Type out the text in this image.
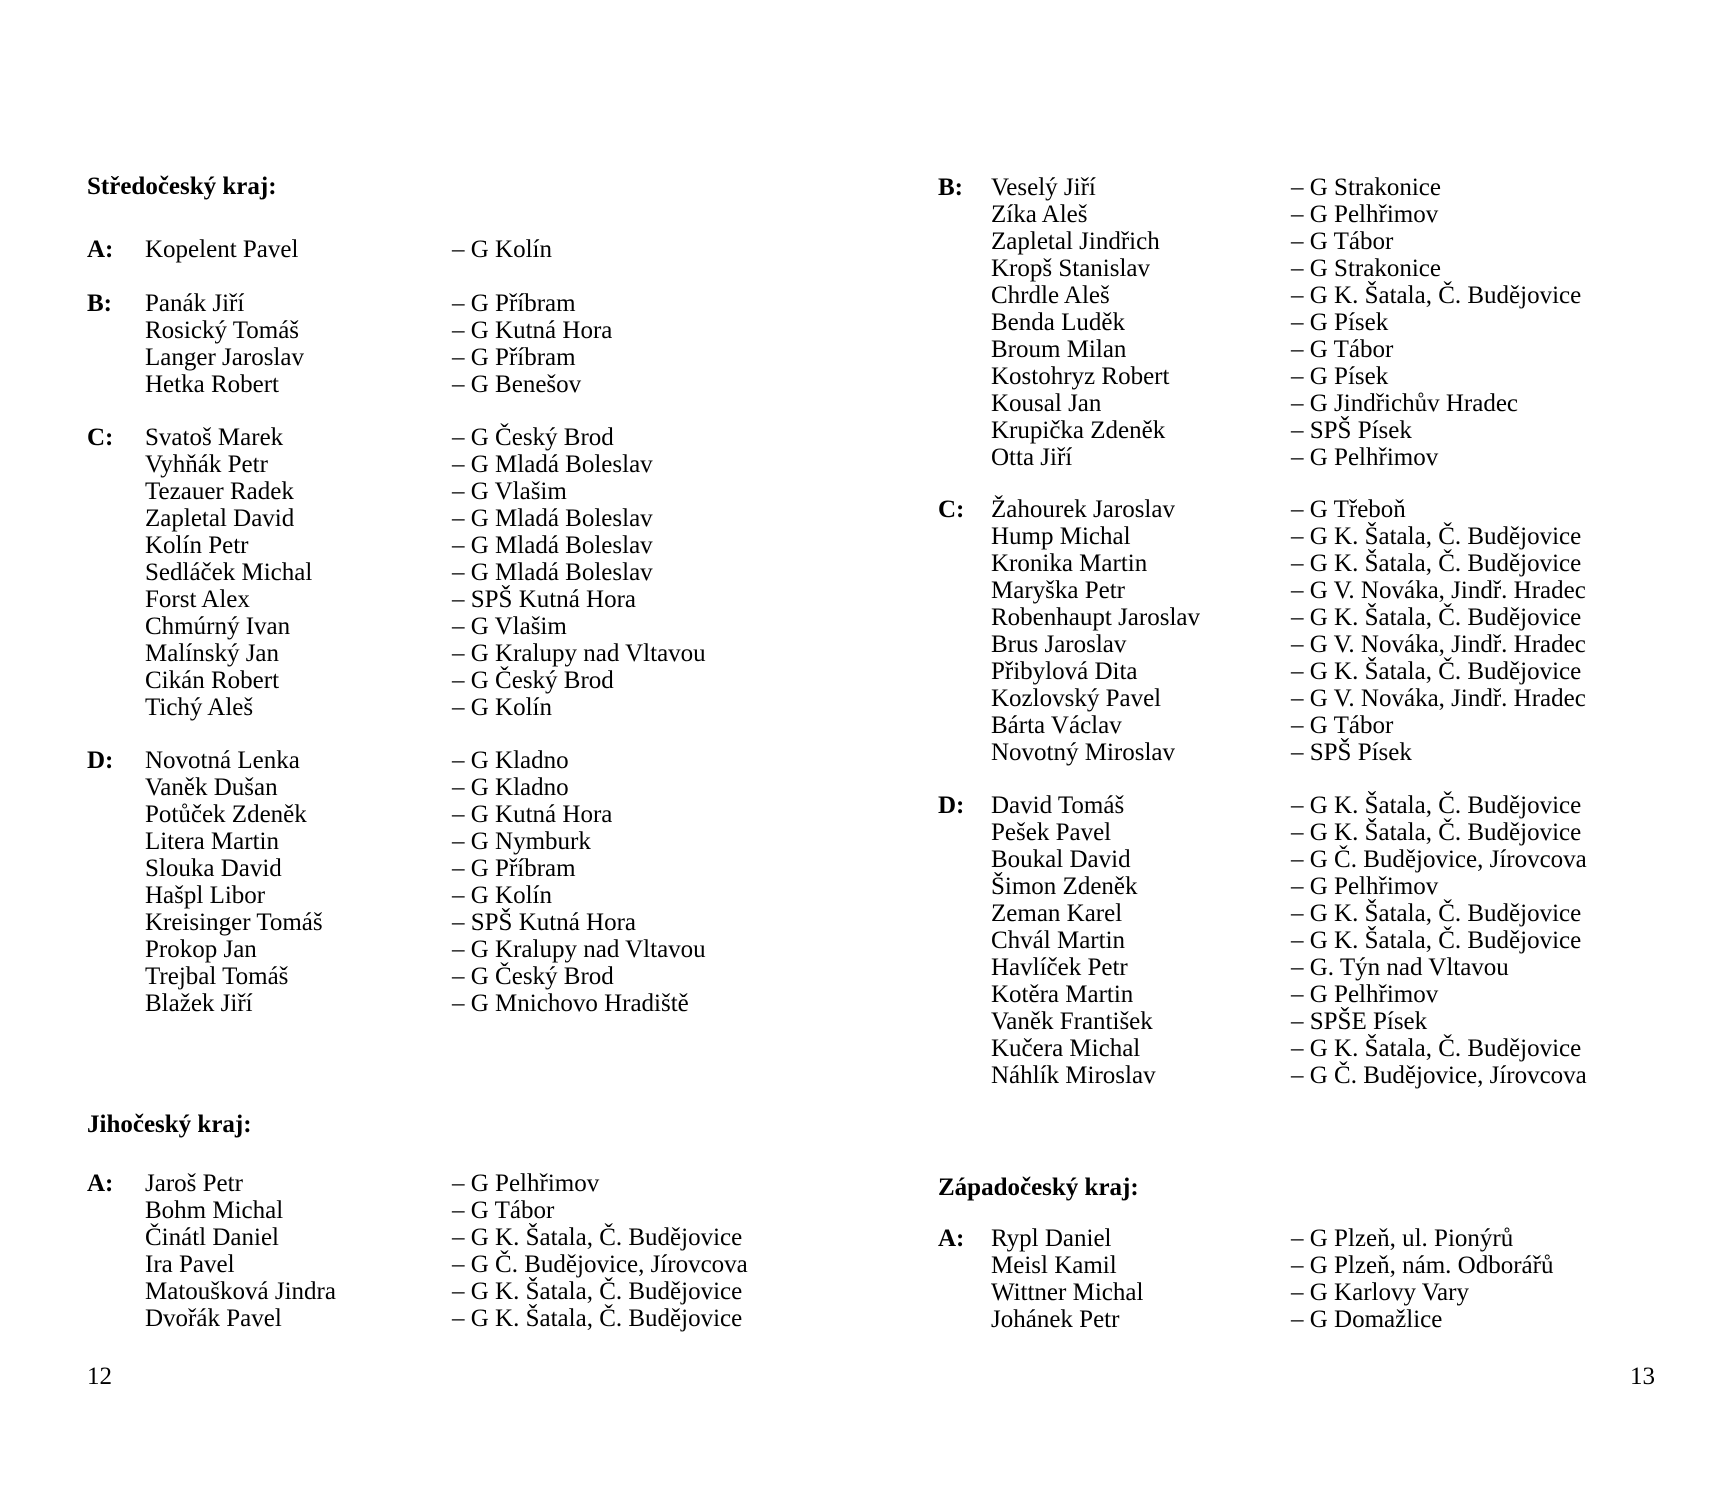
Středočeský kraj:
A: Kopelent Pavel	– G Kolín
B: Panák Jiří	– G Příbram
Rosický Tomáš	– G Kutná Hora
Langer Jaroslav	– G Příbram
Hetka Robert	– G Benešov
C: Svatoš Marek	– G Český Brod
Vyhňák Petr	– G Mladá Boleslav
Tezauer Radek	– G Vlašim
Zapletal David	– G Mladá Boleslav
Kolín Petr	– G Mladá Boleslav
Sedláček Michal	– G Mladá Boleslav
Forst Alex	– SPŠ Kutná Hora
Chmúrný Ivan	– G Vlašim
Malínský Jan	– G Kralupy nad Vltavou
Cikán Robert	– G Český Brod
Tichý Aleš	– G Kolín
D: Novotná Lenka	– G Kladno
Vaněk Dušan	– G Kladno
Potůček Zdeněk	– G Kutná Hora
Litera Martin	– G Nymburk
Slouka David	– G Příbram
Hašpl Libor	– G Kolín
Kreisinger Tomáš	– SPŠ Kutná Hora
Prokop Jan	– G Kralupy nad Vltavou
Trejbal Tomáš	– G Český Brod
Blažek Jiří	– G Mnichovo Hradiště
Jihočeský kraj:
A: Jaroš Petr	– G Pelhřimov
Bohm Michal	– G Tábor
Činátl Daniel	– G K. Šatala, Č. Budějovice
Ira Pavel	– G Č. Budějovice, Jírovcova
Matoušková Jindra	– G K. Šatala, Č. Budějovice
Dvořák Pavel	– G K. Šatala, Č. Budějovice
12
B: Veselý Jiří	– G Strakonice
Zíka Aleš	– G Pelhřimov
Zapletal Jindřich	– G Tábor
Kropš Stanislav	– G Strakonice
Chrdle Aleš	– G K. Šatala, Č. Budějovice
Benda Luděk	– G Písek
Broum Milan	– G Tábor
Kostohryz Robert	– G Písek
Kousal Jan	– G Jindřichův Hradec
Krupička Zdeněk	– SPŠ Písek
Otta Jiří	– G Pelhřimov
C: Žahourek Jaroslav	– G Třeboň
Hump Michal	– G K. Šatala, Č. Budějovice
Kronika Martin	– G K. Šatala, Č. Budějovice
Maryška Petr	– G V. Nováka, Jindř. Hradec
Robenhaupt Jaroslav	– G K. Šatala, Č. Budějovice
Brus Jaroslav	– G V. Nováka, Jindř. Hradec
Přibylová Dita	– G K. Šatala, Č. Budějovice
Kozlovský Pavel	– G V. Nováka, Jindř. Hradec
Bárta Václav	– G Tábor
Novotný Miroslav	– SPŠ Písek
D: David Tomáš	– G K. Šatala, Č. Budějovice
Pešek Pavel	– G K. Šatala, Č. Budějovice
Boukal David	– G Č. Budějovice, Jírovcova
Šimon Zdeněk	– G Pelhřimov
Zeman Karel	– G K. Šatala, Č. Budějovice
Chvál Martin	– G K. Šatala, Č. Budějovice
Havlíček Petr	– G. Týn nad Vltavou
Kotěra Martin	– G Pelhřimov
Vaněk František	– SPŠE Písek
Kučera Michal	– G K. Šatala, Č. Budějovice
Náhlík Miroslav	– G Č. Budějovice, Jírovcova
Západočeský kraj:
A: Rypl Daniel	– G Plzeň, ul. Pionýrů
Meisl Kamil	– G Plzeň, nám. Odborářů
Wittner Michal	– G Karlovy Vary
Johánek Petr	– G Domažlice
13
